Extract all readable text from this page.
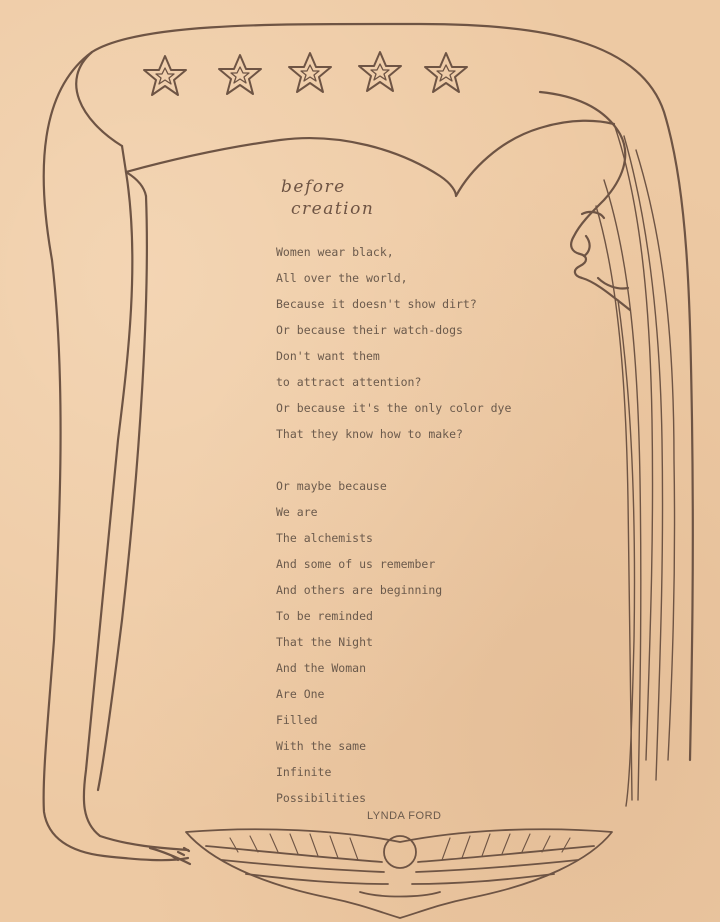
before
creation
Women wear black,
All over the world,
Because it doesn't show dirt?
Or because their watch-dogs
Don't want them
to attract attention?
Or because it's the only color dye
That they know how to make?
Or maybe because
We are
The alchemists
And some of us remember
And others are beginning
To be reminded
That the Night
And the Woman
Are One
Filled
With the same
Infinite
Possibilities
LYNDA FORD
